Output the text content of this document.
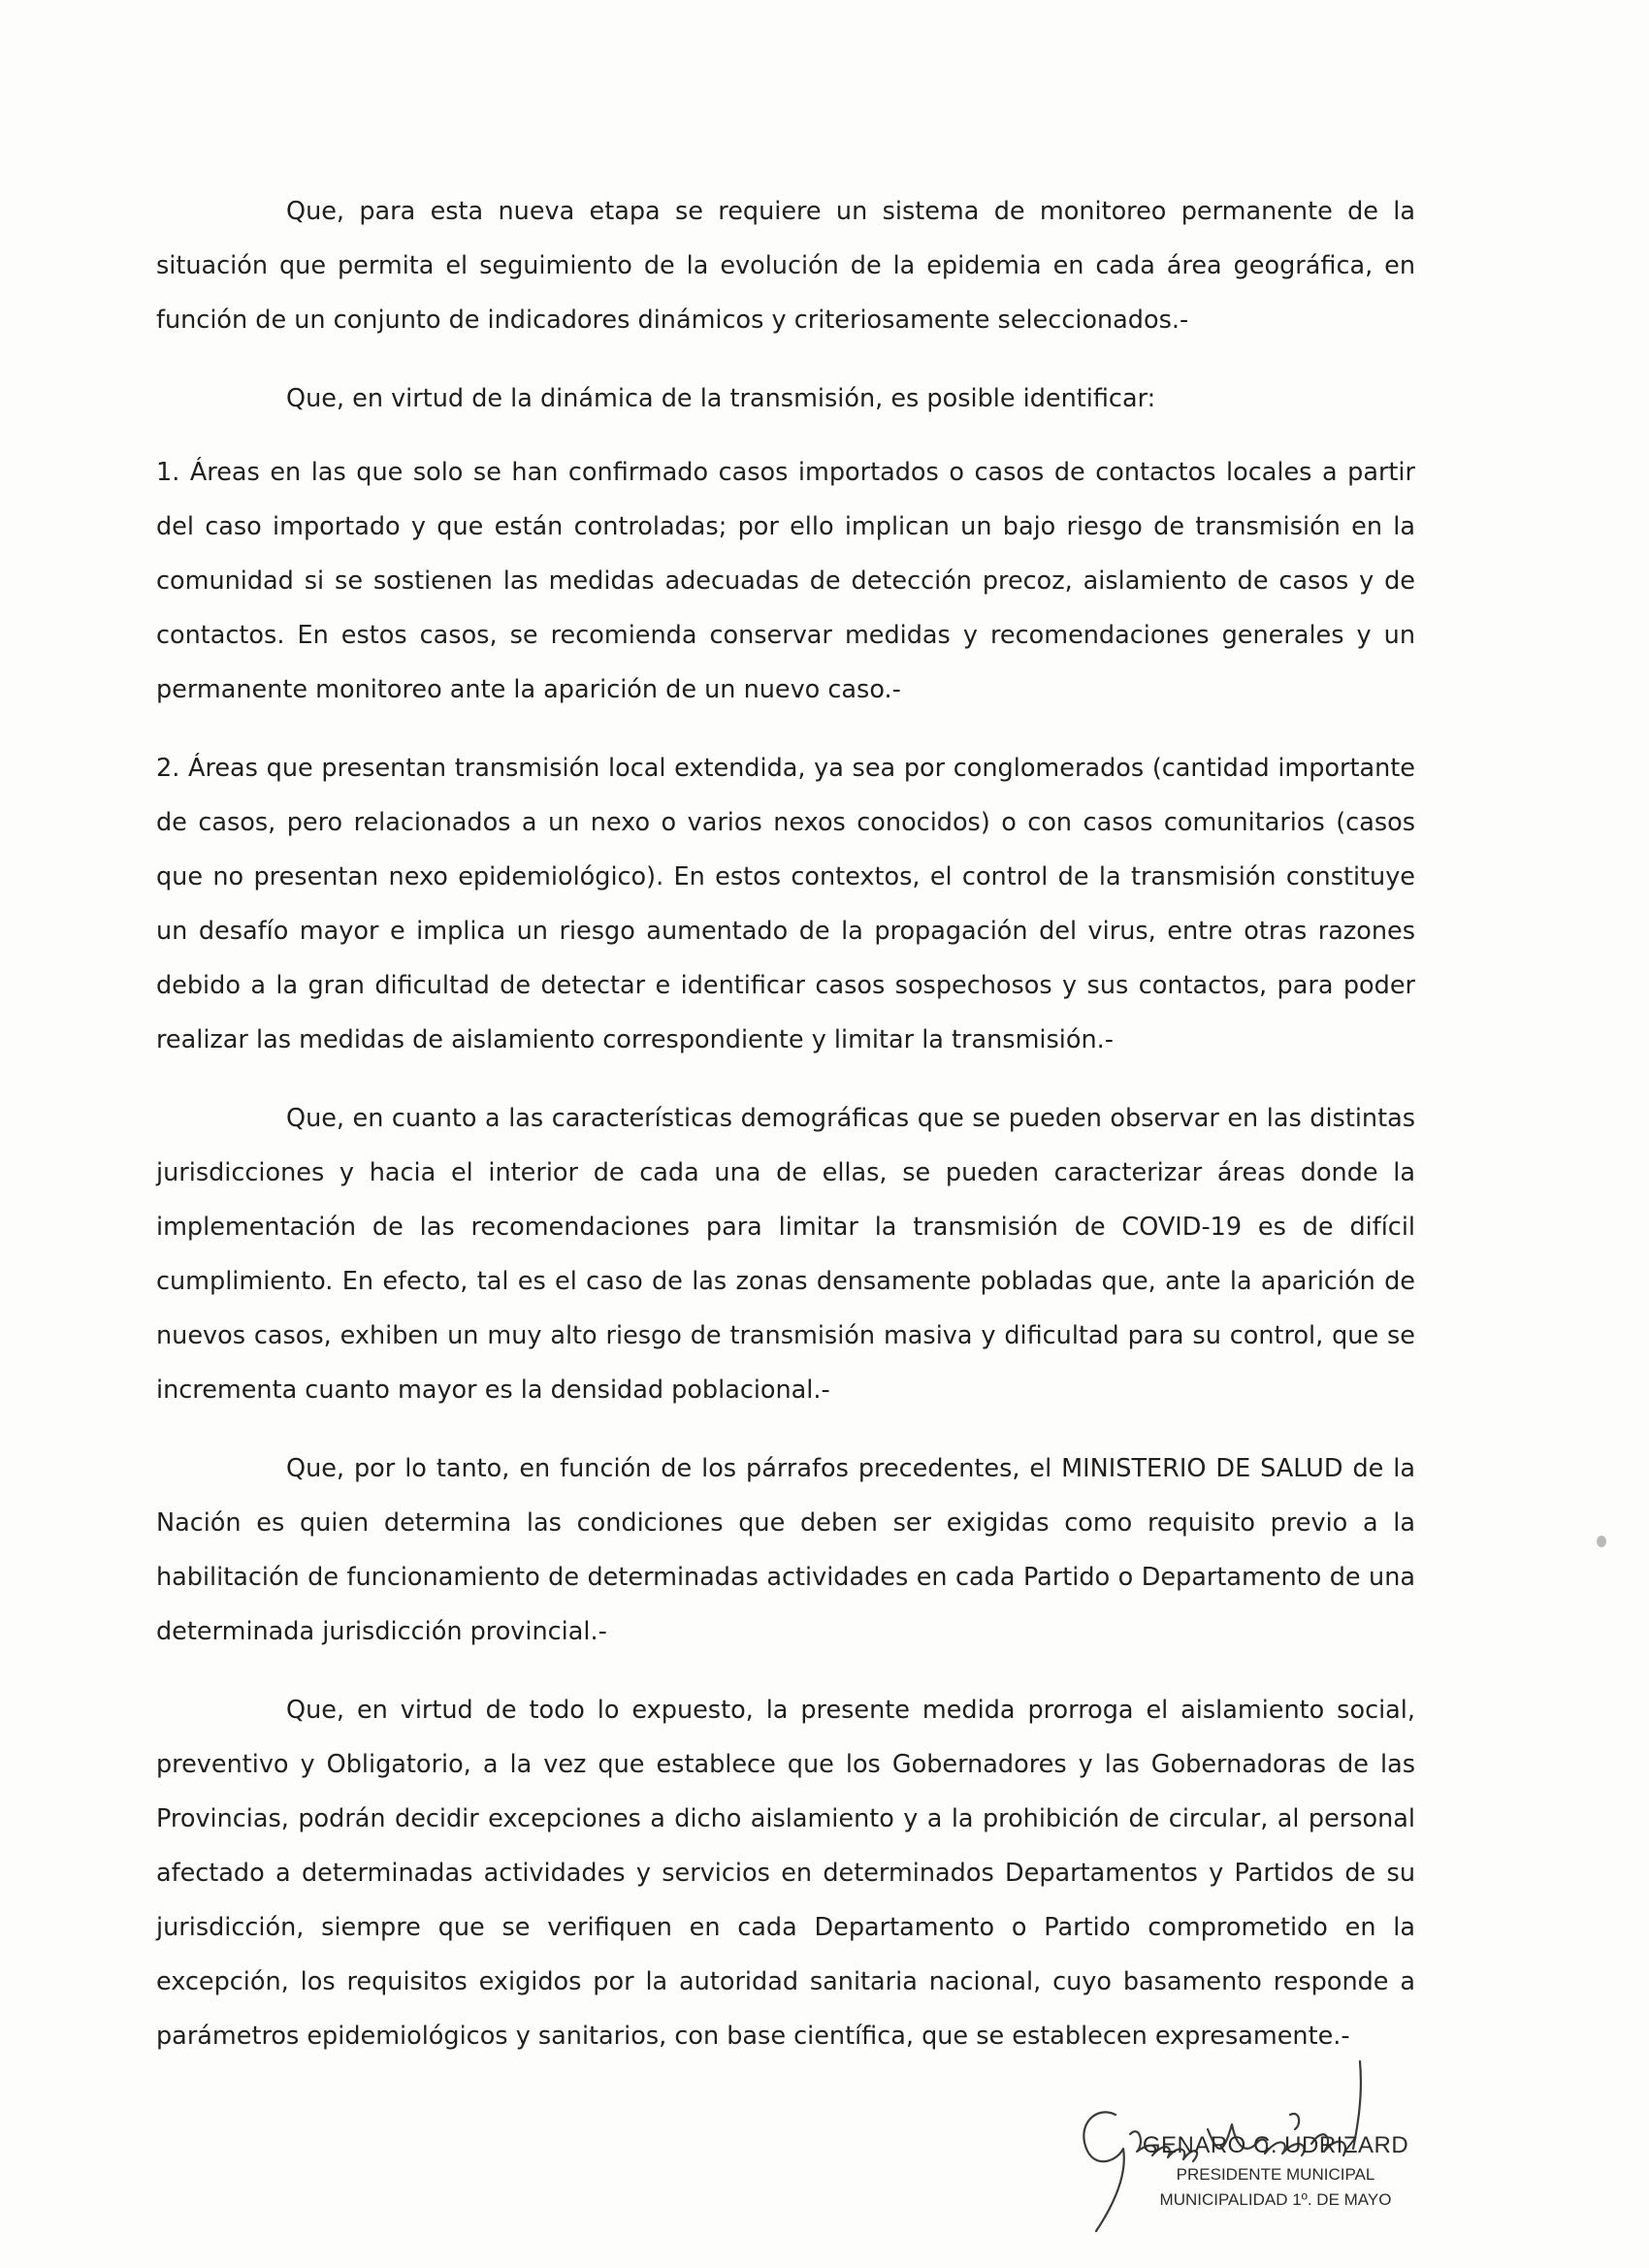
Que, para esta nueva etapa se requiere un sistema de monitoreo permanente de la situación que permita el seguimiento de la evolución de la epidemia en cada área geográfica, en función de un conjunto de indicadores dinámicos y criteriosamente seleccionados.-

Que, en virtud de la dinámica de la transmisión, es posible identificar:

1. Áreas en las que solo se han confirmado casos importados o casos de contactos locales a partir del caso importado y que están controladas; por ello implican un bajo riesgo de transmisión en la comunidad si se sostienen las medidas adecuadas de detección precoz, aislamiento de casos y de contactos. En estos casos, se recomienda conservar medidas y recomendaciones generales y un permanente monitoreo ante la aparición de un nuevo caso.-

2. Áreas que presentan transmisión local extendida, ya sea por conglomerados (cantidad importante de casos, pero relacionados a un nexo o varios nexos conocidos) o con casos comunitarios (casos que no presentan nexo epidemiológico). En estos contextos, el control de la transmisión constituye un desafío mayor e implica un riesgo aumentado de la propagación del virus, entre otras razones debido a la gran dificultad de detectar e identificar casos sospechosos y sus contactos, para poder realizar las medidas de aislamiento correspondiente y limitar la transmisión.-

Que, en cuanto a las características demográficas que se pueden observar en las distintas jurisdicciones y hacia el interior de cada una de ellas, se pueden caracterizar áreas donde la implementación de las recomendaciones para limitar la transmisión de COVID-19 es de difícil cumplimiento. En efecto, tal es el caso de las zonas densamente pobladas que, ante la aparición de nuevos casos, exhiben un muy alto riesgo de transmisión masiva y dificultad para su control, que se incrementa cuanto mayor es la densidad poblacional.-

Que, por lo tanto, en función de los párrafos precedentes, el MINISTERIO DE SALUD de la Nación es quien determina las condiciones que deben ser exigidas como requisito previo a la habilitación de funcionamiento de determinadas actividades en cada Partido o Departamento de una determinada jurisdicción provincial.-

Que, en virtud de todo lo expuesto, la presente medida prorroga el aislamiento social, preventivo y Obligatorio, a la vez que establece que los Gobernadores y las Gobernadoras de las Provincias, podrán decidir excepciones a dicho aislamiento y a la prohibición de circular, al personal afectado a determinadas actividades y servicios en determinados Departamentos y Partidos de su jurisdicción, siempre que se verifiquen en cada Departamento o Partido comprometido en la excepción, los requisitos exigidos por la autoridad sanitaria nacional, cuyo basamento responde a parámetros epidemiológicos y sanitarios, con base científica, que se establecen expresamente.-

GENARO C. UDRIZARD
PRESIDENTE MUNICIPAL
MUNICIPALIDAD 1º. DE MAYO
